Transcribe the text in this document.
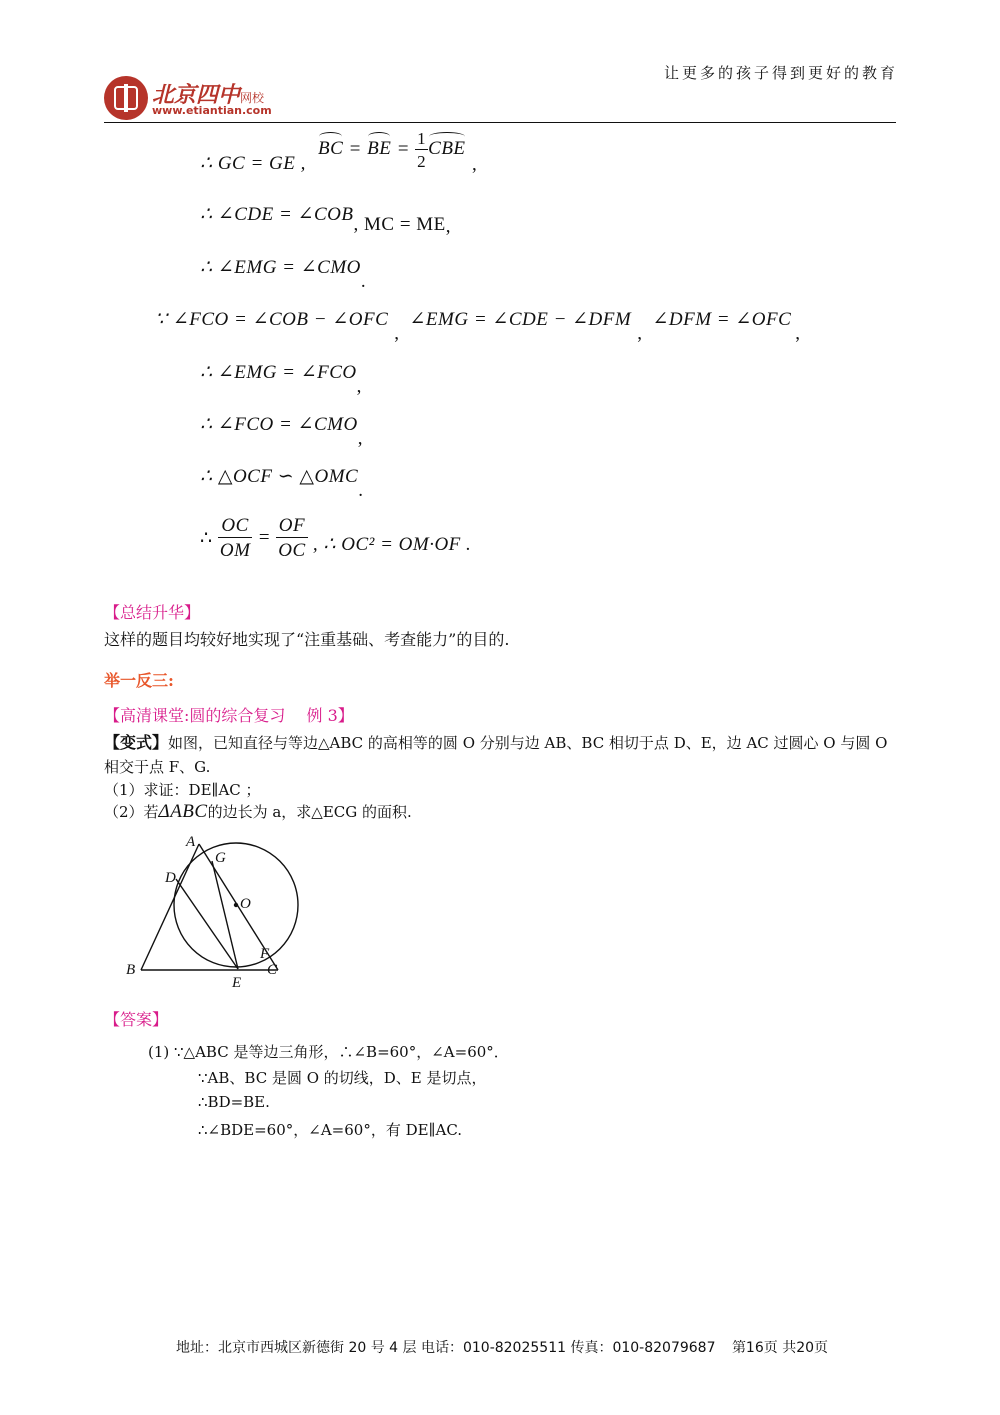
北京四中网校
www.etiantian.com
让更多的孩子得到更好的教育
∴ GC = GE ,
BC = BE = $\frac{1}{2}$ CBE
,
∴ ∠CDE = ∠COB, MC = ME,
∴ ∠EMG = ∠CMO.
∵ ∠FCO = ∠COB − ∠OFC,∠EMG = ∠CDE − ∠DFM,∠DFM = ∠OFC,
∴ ∠EMG = ∠FCO,
∴ ∠FCO = ∠CMO,
∴ △OCF ∽ △OMC.
∴ $\frac{OC}{OM} = \frac{OF}{OC}$ , ∴ OC² = OM·OF .
【总结升华】
这样的题目均较好地实现了“注重基础、考查能力”的目的.
举一反三:
【高清课堂:圆的综合复习　 例 3】
【变式】如图，已知直径与等边△ABC 的高相等的圆 O 分别与边 AB、BC 相切于点 D、E，边 AC 过圆心 O 与圆 O
相交于点 F、G.
（1）求证：DE∥AC ；
（2）若ΔABC的边长为 a，求△ECG 的面积.
A
G
D
O
B
E
F
C
【答案】
(1) ∵△ABC 是等边三角形，∴∠B=60°，∠A=60°．
∵AB、BC 是圆 O 的切线，D、E 是切点，
∴BD=BE.
∴∠BDE=60°，∠A=60°，有 DE∥AC.
地址：北京市西城区新德街 20 号 4 层 电话：010-82025511 传真：010-82079687 第16页 共20页
